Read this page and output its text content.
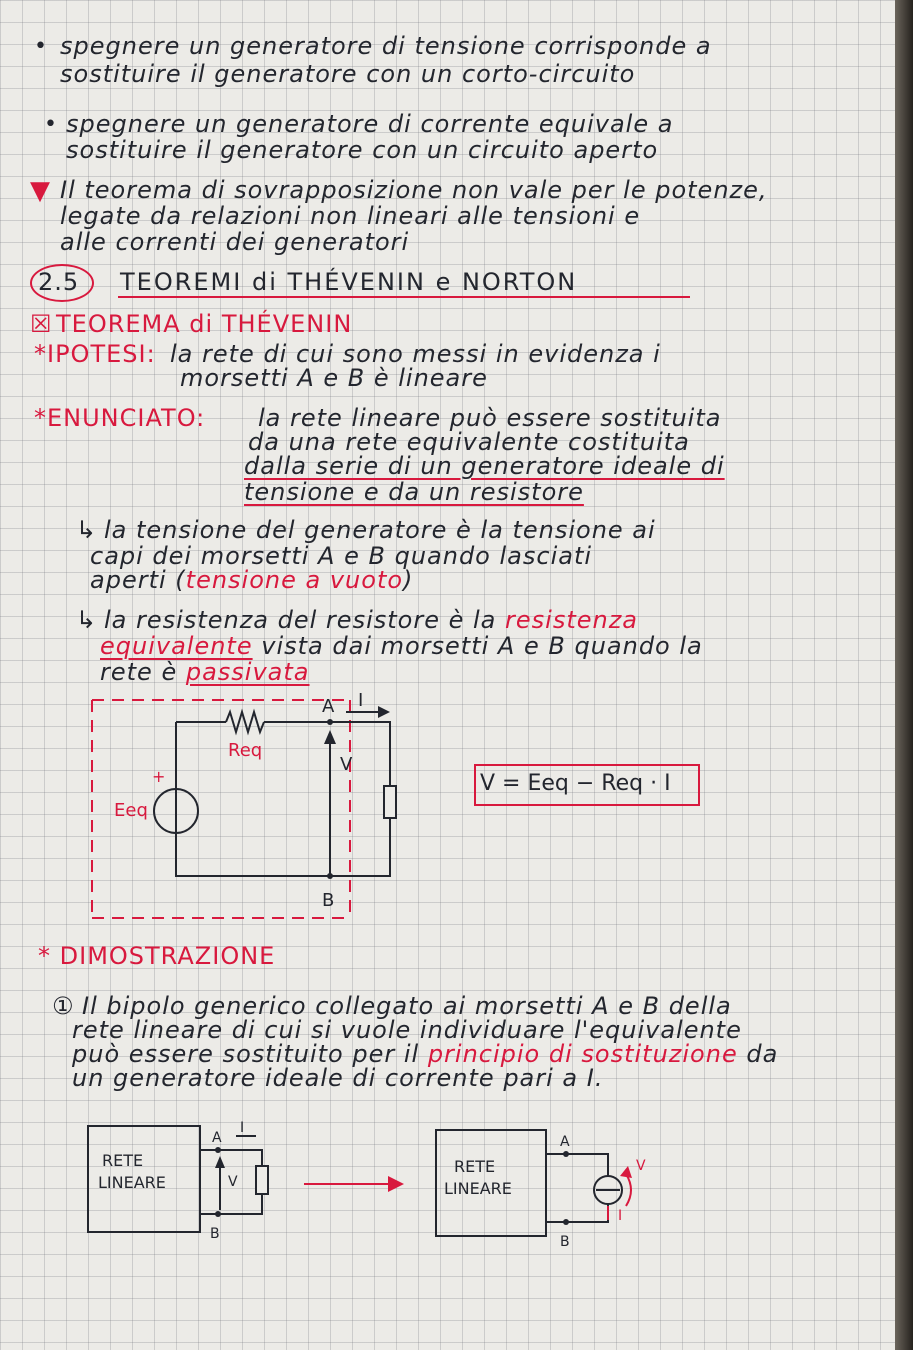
• spegnere un generatore di tensione corrisponde a

sostituire il generatore con un corto-circuito

• spegnere un generatore di corrente equivale a

sostituire il generatore con un circuito aperto

▼ Il teorema di sovrapposizione non vale per le potenze,

legate da relazioni non lineari alle tensioni e

alle correnti dei generatori

2.5 TEOREMI di THÉVENIN e NORTON

☒ TEOREMA di THÉVENIN

*IPOTESI: la rete di cui sono messi in evidenza i

morsetti A e B è lineare

*ENUNCIATO: la rete lineare può essere sostituita

da una rete equivalente costituita

dalla serie di un generatore ideale di

tensione e da un resistore

↳ la tensione del generatore è la tensione ai

capi dei morsetti A e B quando lasciati

aperti (tensione a vuoto)

↳ la resistenza del resistore è la resistenza

equivalente vista dai morsetti A e B quando la

rete è passivata

+
Eeq
Req
A
B
V
I

V = Eeq − Req · I

* DIMOSTRAZIONE

① Il bipolo generico collegato ai morsetti A e B della

rete lineare di cui si vuole individuare l'equivalente

può essere sostituito per il principio di sostituzione da

un generatore ideale di corrente pari a I.

RETE
LINEARE
A
B
V
I
RETE
LINEARE
A
B
V
I
